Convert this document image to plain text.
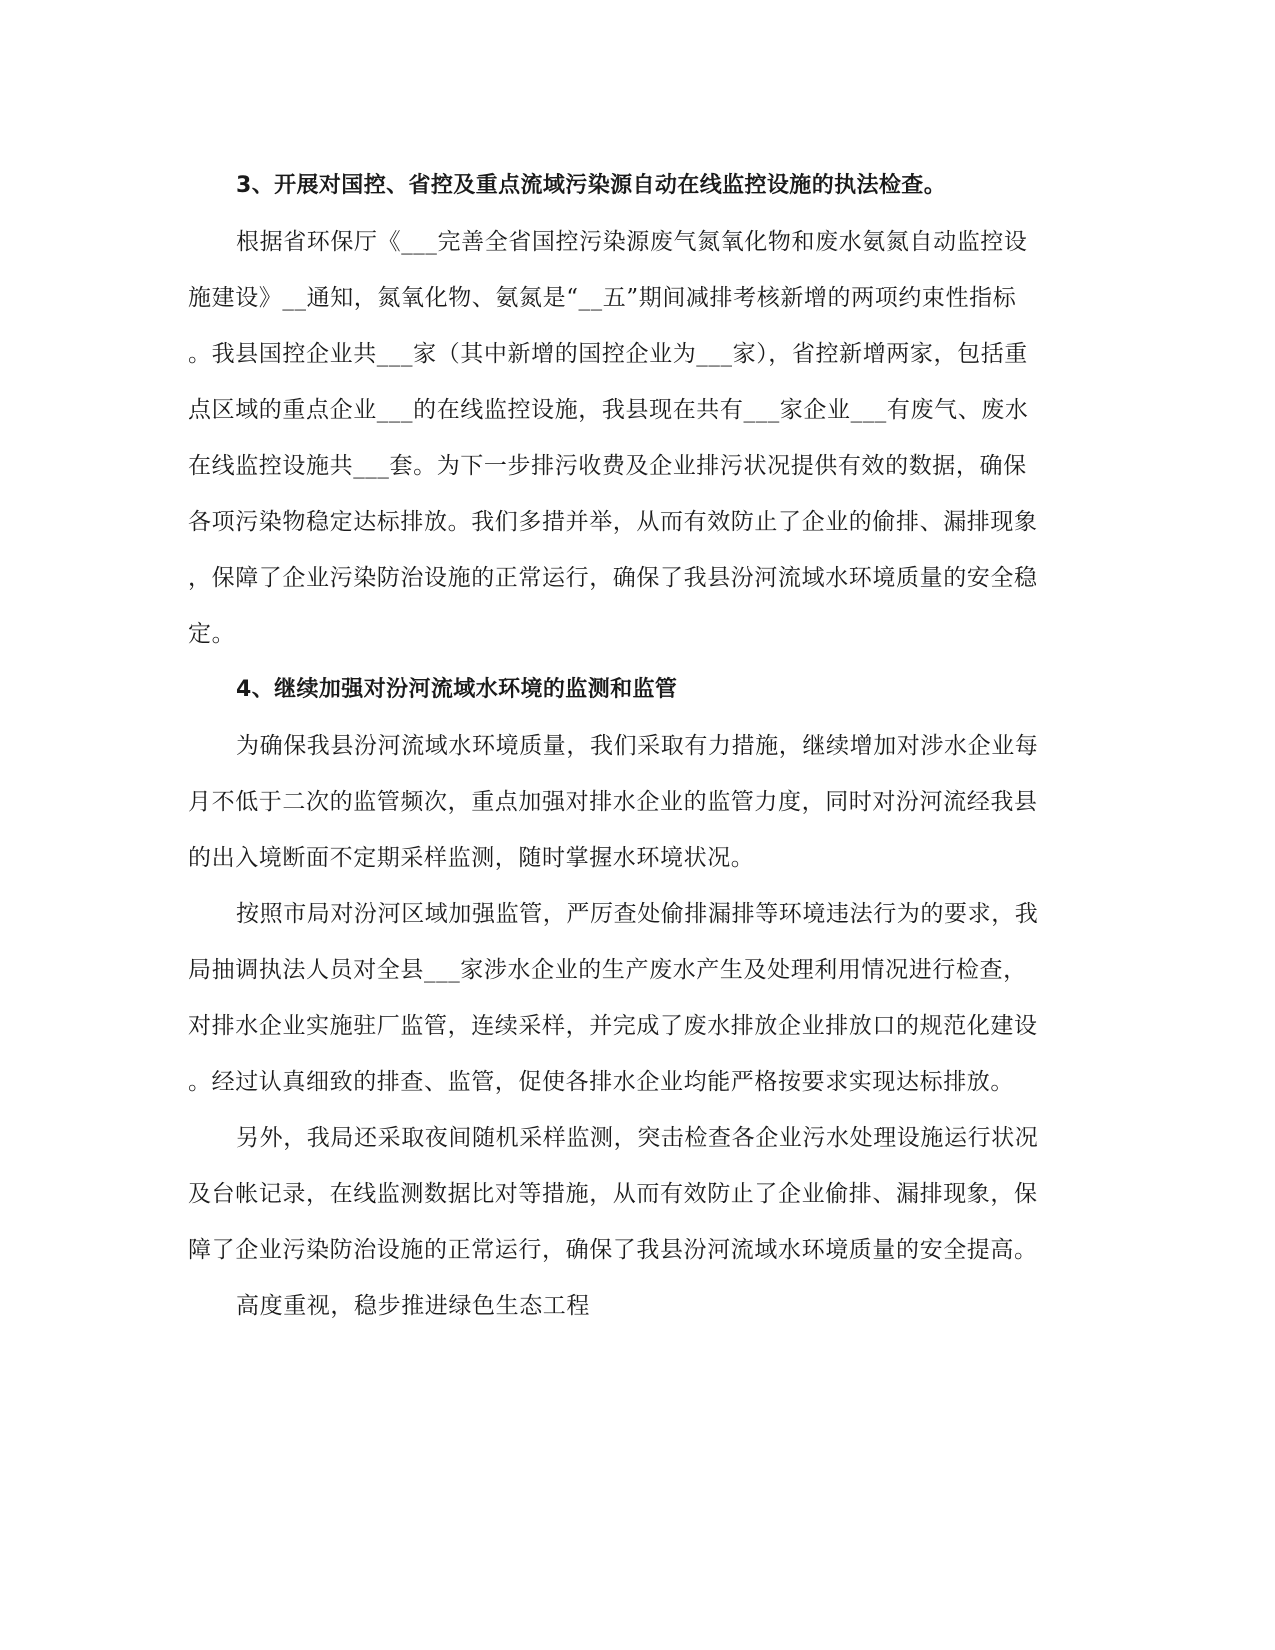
3、开展对国控、省控及重点流域污染源自动在线监控设施的执法检查。

根据省环保厅《___完善全省国控污染源废气氮氧化物和废水氨氮自动监控设

施建设》__通知，氮氧化物、氨氮是“__五”期间减排考核新增的两项约束性指标

。我县国控企业共___家（其中新增的国控企业为___家），省控新增两家，包括重

点区域的重点企业___的在线监控设施，我县现在共有___家企业___有废气、废水

在线监控设施共___套。为下一步排污收费及企业排污状况提供有效的数据，确保

各项污染物稳定达标排放。我们多措并举，从而有效防止了企业的偷排、漏排现象

，保障了企业污染防治设施的正常运行，确保了我县汾河流域水环境质量的安全稳

定。

4、继续加强对汾河流域水环境的监测和监管

为确保我县汾河流域水环境质量，我们采取有力措施，继续增加对涉水企业每

月不低于二次的监管频次，重点加强对排水企业的监管力度，同时对汾河流经我县

的出入境断面不定期采样监测，随时掌握水环境状况。

按照市局对汾河区域加强监管，严厉查处偷排漏排等环境违法行为的要求，我

局抽调执法人员对全县___家涉水企业的生产废水产生及处理利用情况进行检查，

对排水企业实施驻厂监管，连续采样，并完成了废水排放企业排放口的规范化建设

。经过认真细致的排查、监管，促使各排水企业均能严格按要求实现达标排放。

另外，我局还采取夜间随机采样监测，突击检查各企业污水处理设施运行状况

及台帐记录，在线监测数据比对等措施，从而有效防止了企业偷排、漏排现象，保

障了企业污染防治设施的正常运行，确保了我县汾河流域水环境质量的安全提高。

高度重视，稳步推进绿色生态工程
